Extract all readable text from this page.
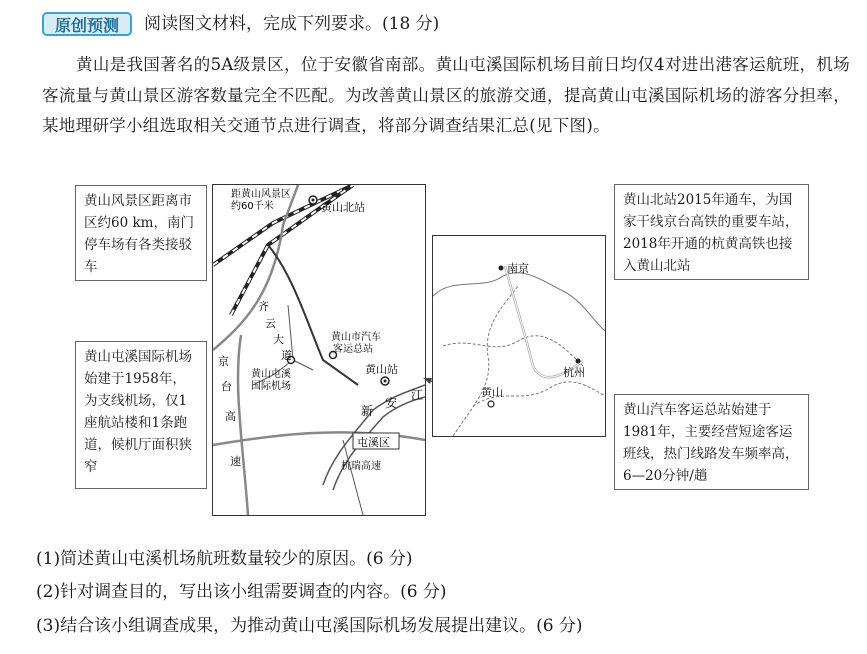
原创预测	阅读图文材料，完成下列要求。(18 分)

黄山是我国著名的5A级景区，位于安徽省南部。黄山屯溪国际机场目前日均仅4对进出港客运航班，机场客流量与黄山景区游客数量完全不匹配。为改善黄山景区的旅游交通，提高黄山屯溪国际机场的游客分担率，某地理研学小组选取相关交通节点进行调查，将部分调查结果汇总(见下图)。

黄山风景区距离市区约60 km，南门停车场有各类接驳车
黄山屯溪国际机场始建于1958年，为支线机场，仅1座航站楼和1条跑道，候机厅面积狭窄
黄山北站2015年通车，为国家干线京台高铁的重要车站，2018年开通的杭黄高铁也接入黄山北站
黄山汽车客运总站始建于1981年，主要经营短途客运班线，热门线路发车频率高，6—20分钟/趟
距黄山风景区
约60千米	黄山北站
齐
云
大
道
京
台
高
速
黄山市汽车
客运总站
黄山屯溪
国际机场
黄山站
新
安
江
屯溪区
杭瑞高速
南京
杭州
黄山
(1)简述黄山屯溪机场航班数量较少的原因。(6 分)
(2)针对调查目的，写出该小组需要调查的内容。(6 分)
(3)结合该小组调查成果，为推动黄山屯溪国际机场发展提出建议。(6 分)
